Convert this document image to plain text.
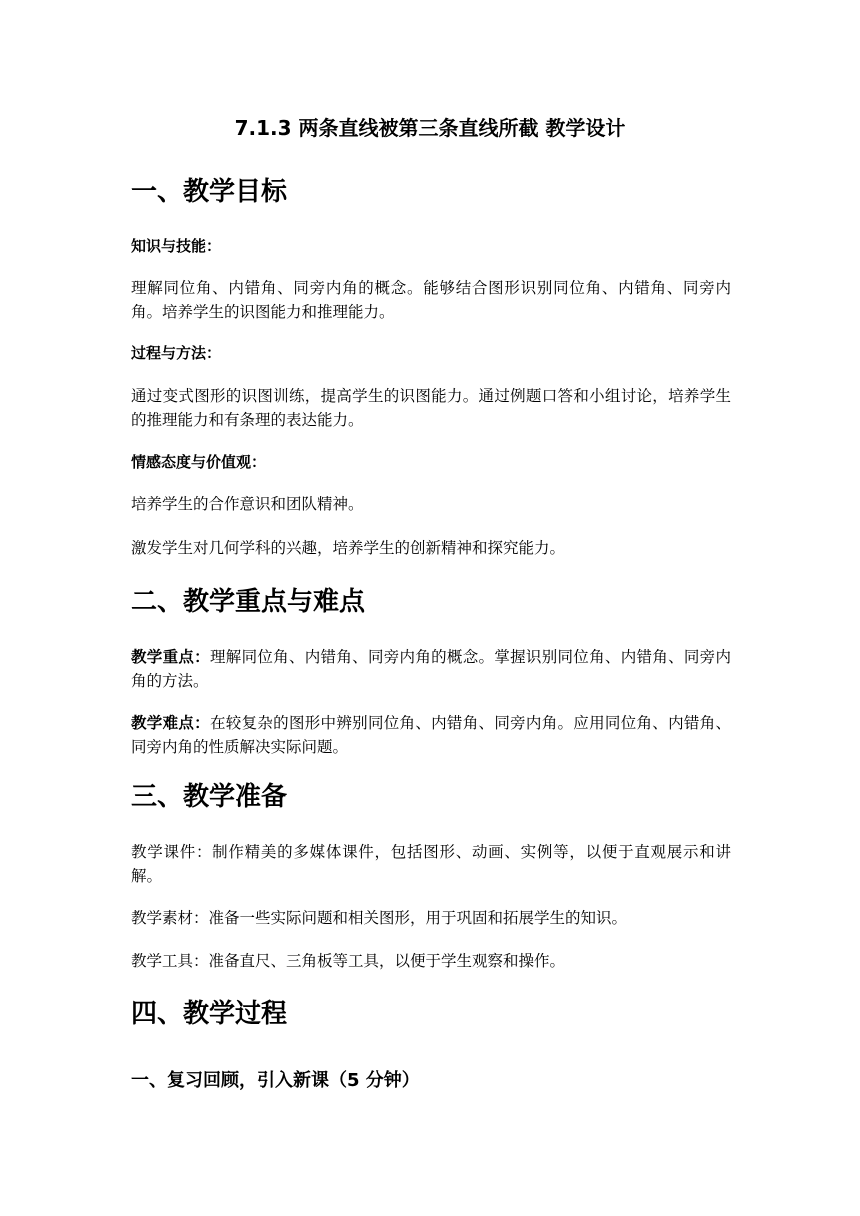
7.1.3 两条直线被第三条直线所截 教学设计
一、教学目标
知识与技能：
理解同位角、内错角、同旁内角的概念。能够结合图形识别同位角、内错角、同旁内角。培养学生的识图能力和推理能力。
过程与方法：
通过变式图形的识图训练，提高学生的识图能力。通过例题口答和小组讨论，培养学生的推理能力和有条理的表达能力。
情感态度与价值观：
培养学生的合作意识和团队精神。
激发学生对几何学科的兴趣，培养学生的创新精神和探究能力。
二、教学重点与难点
教学重点：理解同位角、内错角、同旁内角的概念。掌握识别同位角、内错角、同旁内角的方法。
教学难点：在较复杂的图形中辨别同位角、内错角、同旁内角。应用同位角、内错角、同旁内角的性质解决实际问题。
三、教学准备
教学课件：制作精美的多媒体课件，包括图形、动画、实例等，以便于直观展示和讲解。
教学素材：准备一些实际问题和相关图形，用于巩固和拓展学生的知识。
教学工具：准备直尺、三角板等工具，以便于学生观察和操作。
四、教学过程
一、复习回顾，引入新课（5 分钟）
